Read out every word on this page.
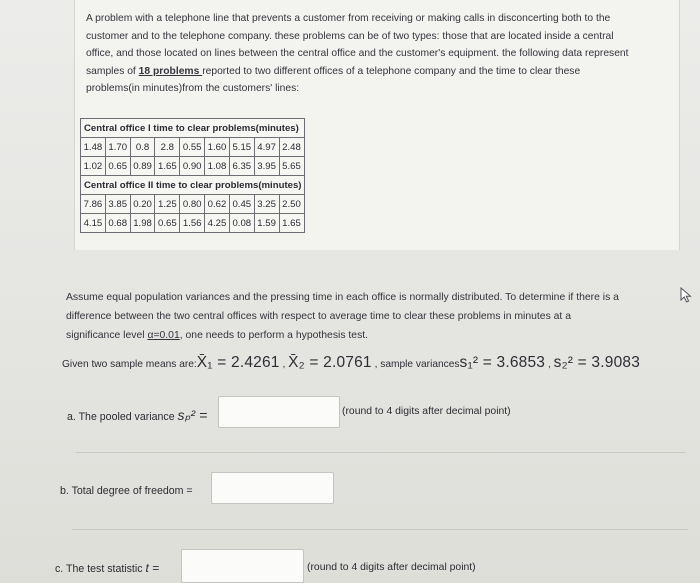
A problem with a telephone line that prevents a customer from receiving or making calls in disconcerting both to the
customer and to the telephone company. these problems can be of two types: those that are located inside a central
office, and those located on lines between the central office and the customer's equipment. the following data represent
samples of 18 problems reported to two different offices of a telephone company and the time to clear these
problems(in minutes)from the customers' lines:
Central office I time to clear problems(minutes)								
1.48	1.70	0.8	2.8	0.55	1.60	5.15	4.97	2.48
1.02	0.65	0.89	1.65	0.90	1.08	6.35	3.95	5.65
Central office II time to clear problems(minutes)								
7.86	3.85	0.20	1.25	0.80	0.62	0.45	3.25	2.50
4.15	0.68	1.98	0.65	1.56	4.25	0.08	1.59	1.65
Assume equal population variances and the pressing time in each office is normally distributed. To determine if there is a
difference between the two central offices with respect to average time to clear these problems in minutes at a
significance level α=0.01, one needs to perform a hypothesis test.
Given two sample means are:X̄₁ = 2.4261 , X̄₂ = 2.0761 , sample variancess₁² = 3.6853 , s₂² = 3.9083
a. The pooled variance sₚ² =	(round to 4 digits after decimal point)
b. Total degree of freedom =
c. The test statistic t =	(round to 4 digits after decimal point)
